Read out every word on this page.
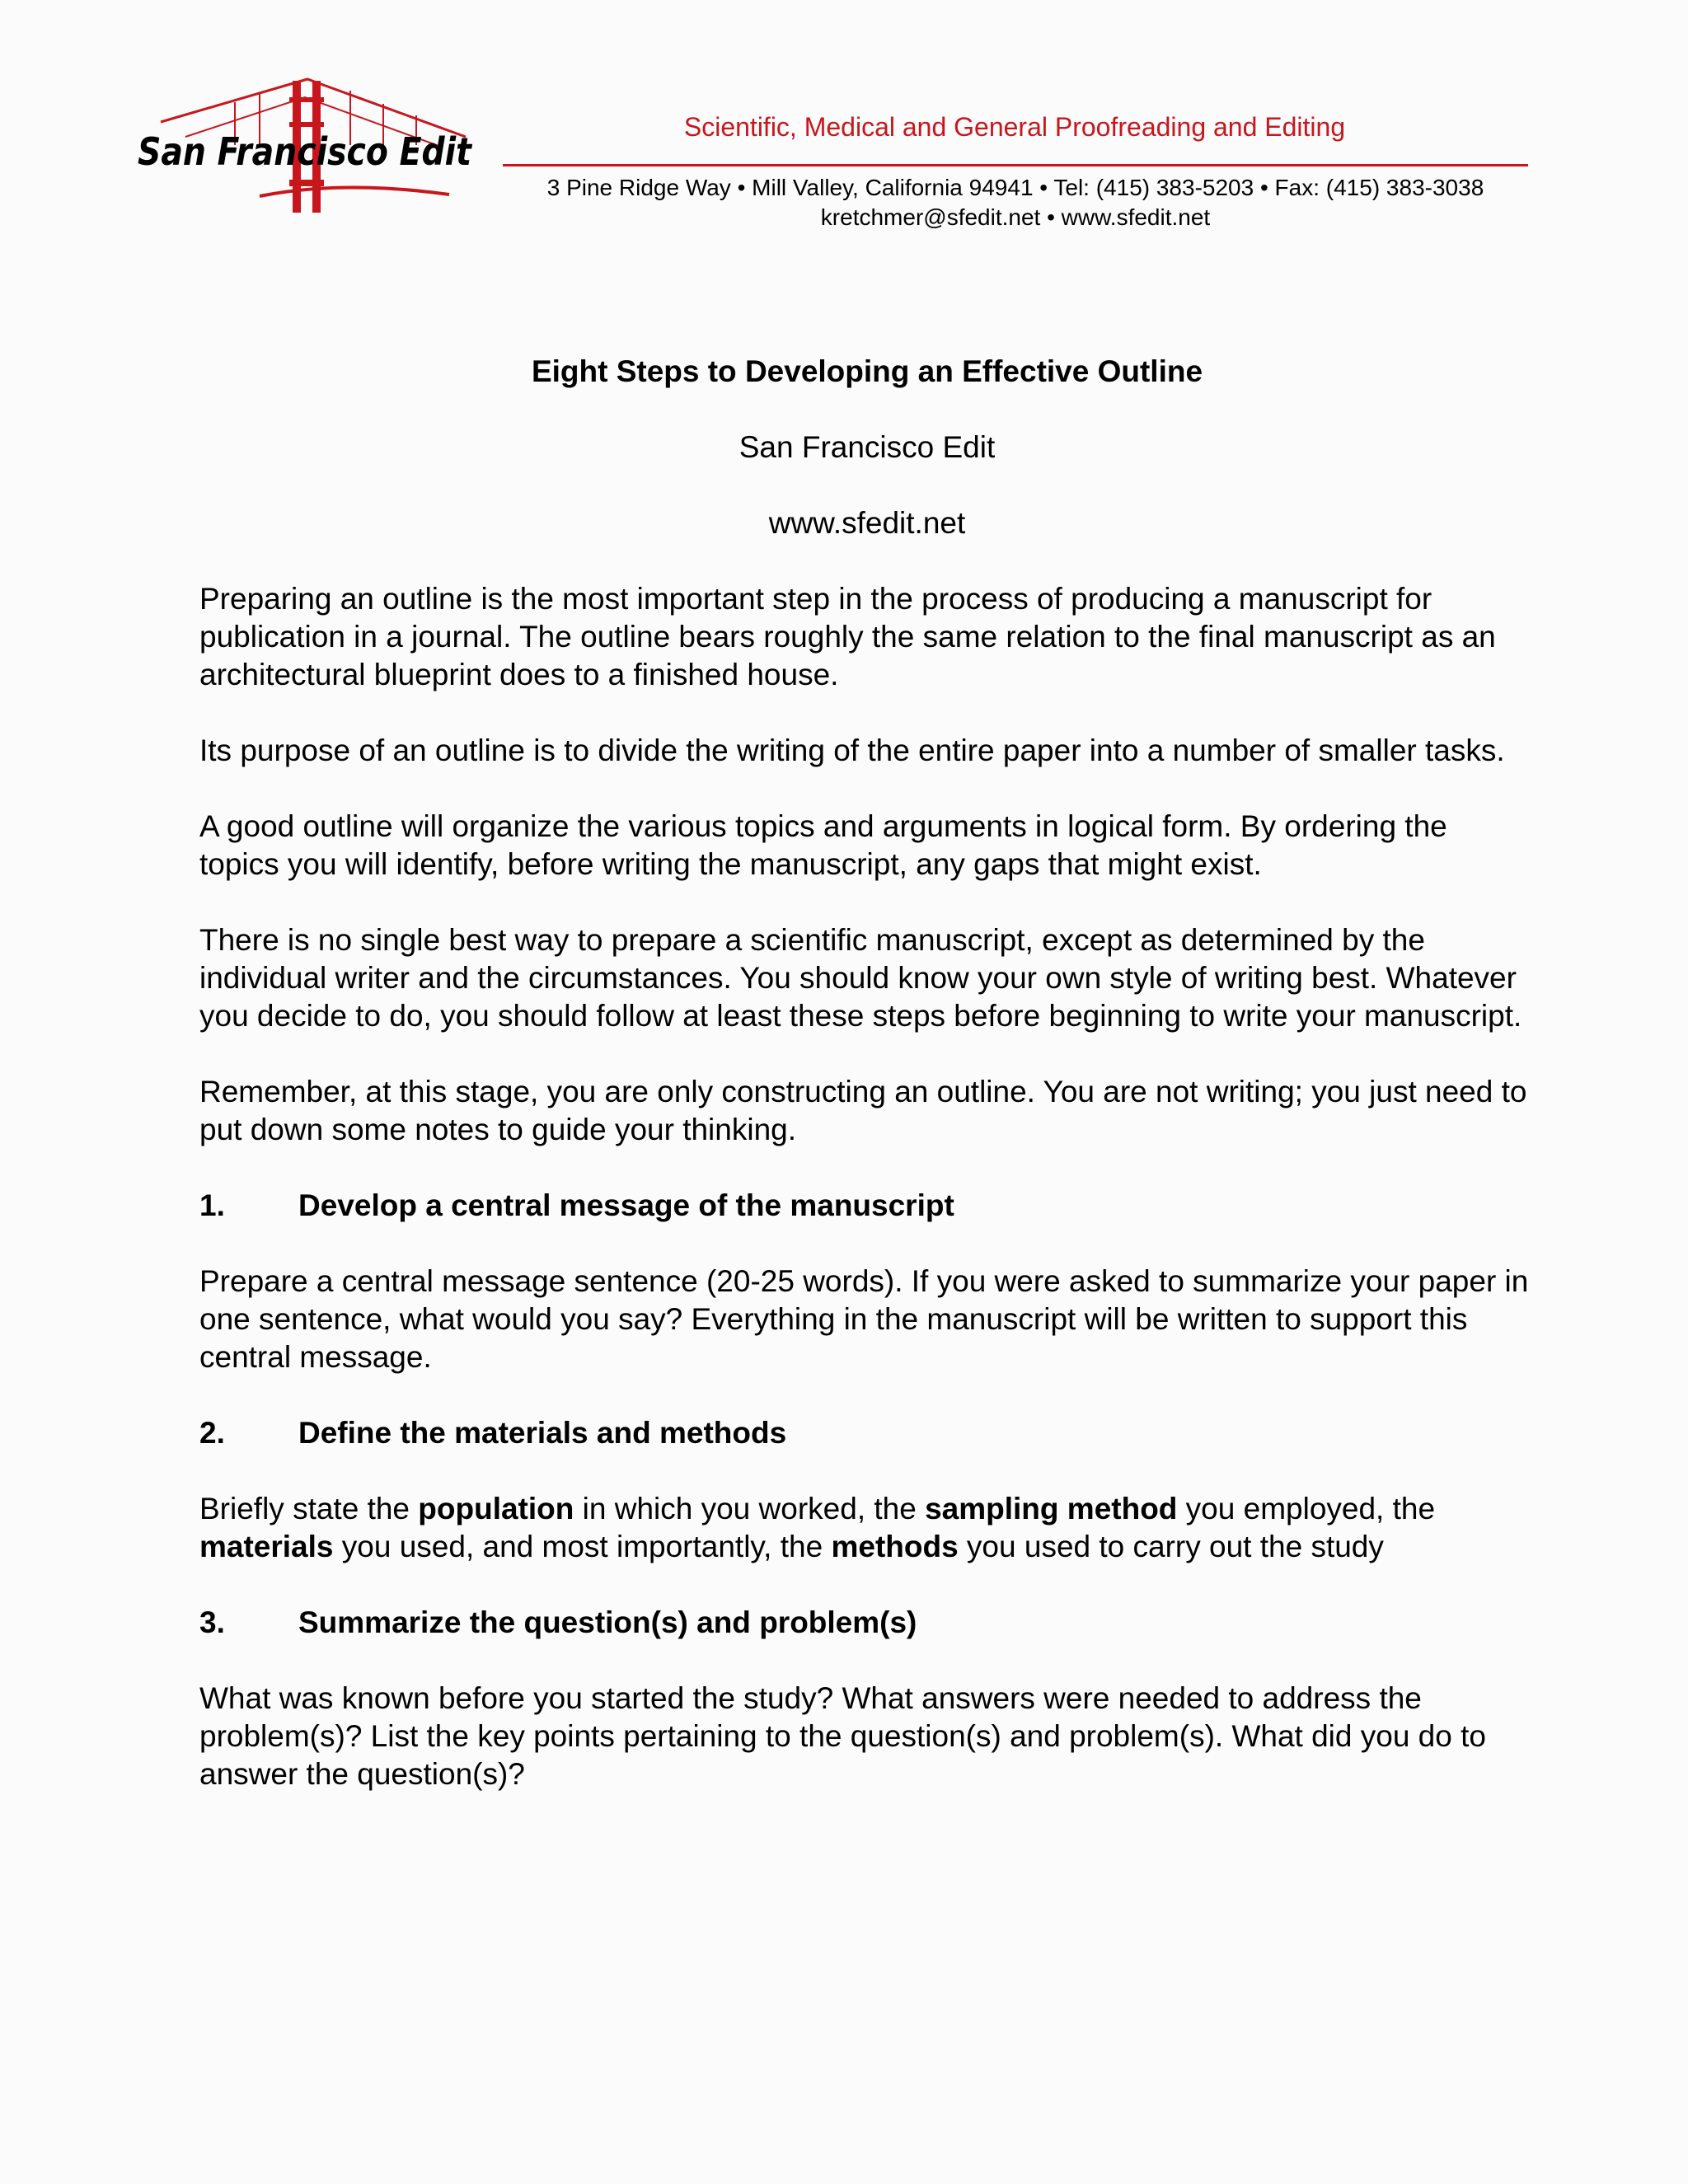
San Francisco Edit
Scientific, Medical and General Proofreading and Editing
3 Pine Ridge Way • Mill Valley, California 94941 • Tel: (415) 383-5203 • Fax: (415) 383-3038
kretchmer@sfedit.net • www.sfedit.net
Eight Steps to Developing an Effective Outline

San Francisco Edit

www.sfedit.net

Preparing an outline is the most important step in the process of producing a manuscript for publication in a journal. The outline bears roughly the same relation to the final manuscript as an architectural blueprint does to a finished house.

Its purpose of an outline is to divide the writing of the entire paper into a number of smaller tasks.

A good outline will organize the various topics and arguments in logical form. By ordering the topics you will identify, before writing the manuscript, any gaps that might exist.

There is no single best way to prepare a scientific manuscript, except as determined by the individual writer and the circumstances. You should know your own style of writing best. Whatever you decide to do, you should follow at least these steps before beginning to write your manuscript.

Remember, at this stage, you are only constructing an outline. You are not writing; you just need to put down some notes to guide your thinking.

1.	Develop a central message of the manuscript

Prepare a central message sentence (20-25 words). If you were asked to summarize your paper in one sentence, what would you say? Everything in the manuscript will be written to support this central message.

2.	Define the materials and methods

Briefly state the population in which you worked, the sampling method you employed, the materials you used, and most importantly, the methods you used to carry out the study

3.	Summarize the question(s) and problem(s)

What was known before you started the study? What answers were needed to address the problem(s)? List the key points pertaining to the question(s) and problem(s). What did you do to answer the question(s)?
